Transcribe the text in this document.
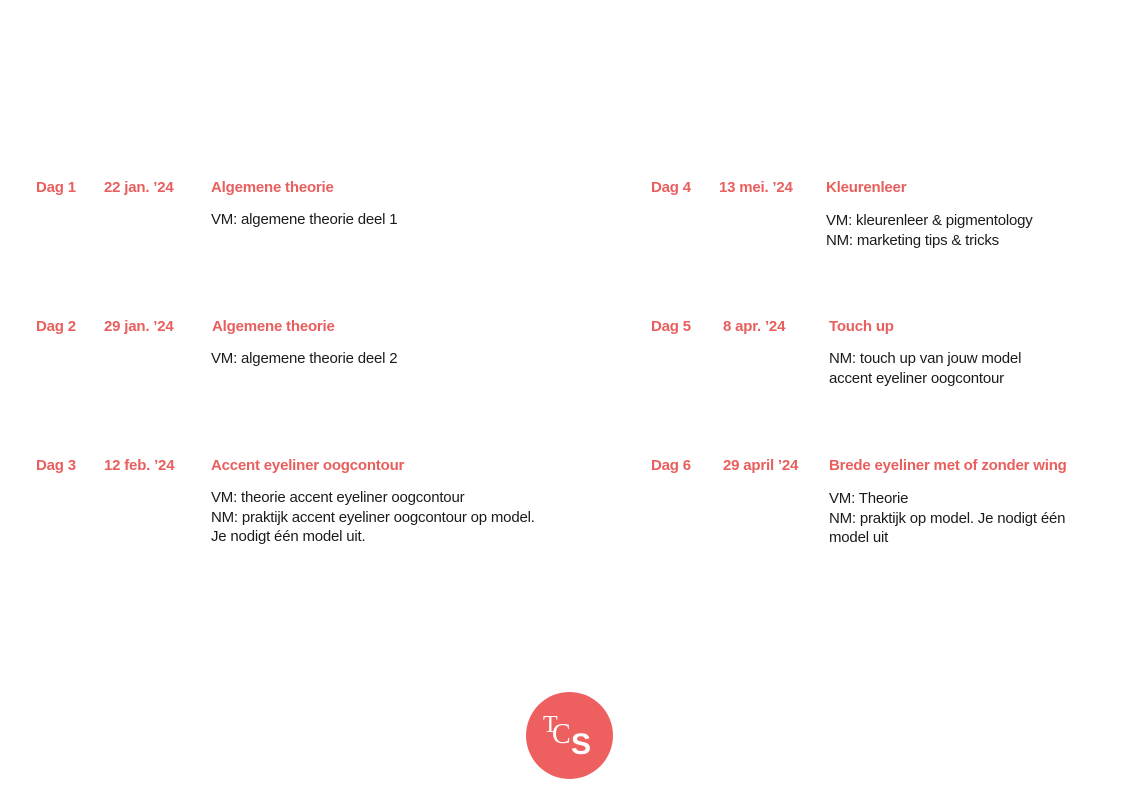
Dag 1 22 jan. ’24 Algemene theorie
VM: algemene theorie deel 1
Dag 2 29 jan. ’24	Algemene theorie
VM: algemene theorie deel 2
Dag 3 12 feb. ’24 Accent eyeliner oogcontour
VM: theorie accent eyeliner oogcontour
NM: praktijk accent eyeliner oogcontour op model.
Je nodigt één model uit.
Dag 4 13 mei. ’24 Kleurenleer
VM: kleurenleer & pigmentology
NM: marketing tips & tricks
Dag 5 8 apr. ’24	Touch up
NM: touch up van jouw model
accent eyeliner oogcontour
Dag 6 29 april ’24 Brede eyeliner met of zonder wing
VM: Theorie
NM: praktijk op model. Je nodigt één
model uit
T
C S
